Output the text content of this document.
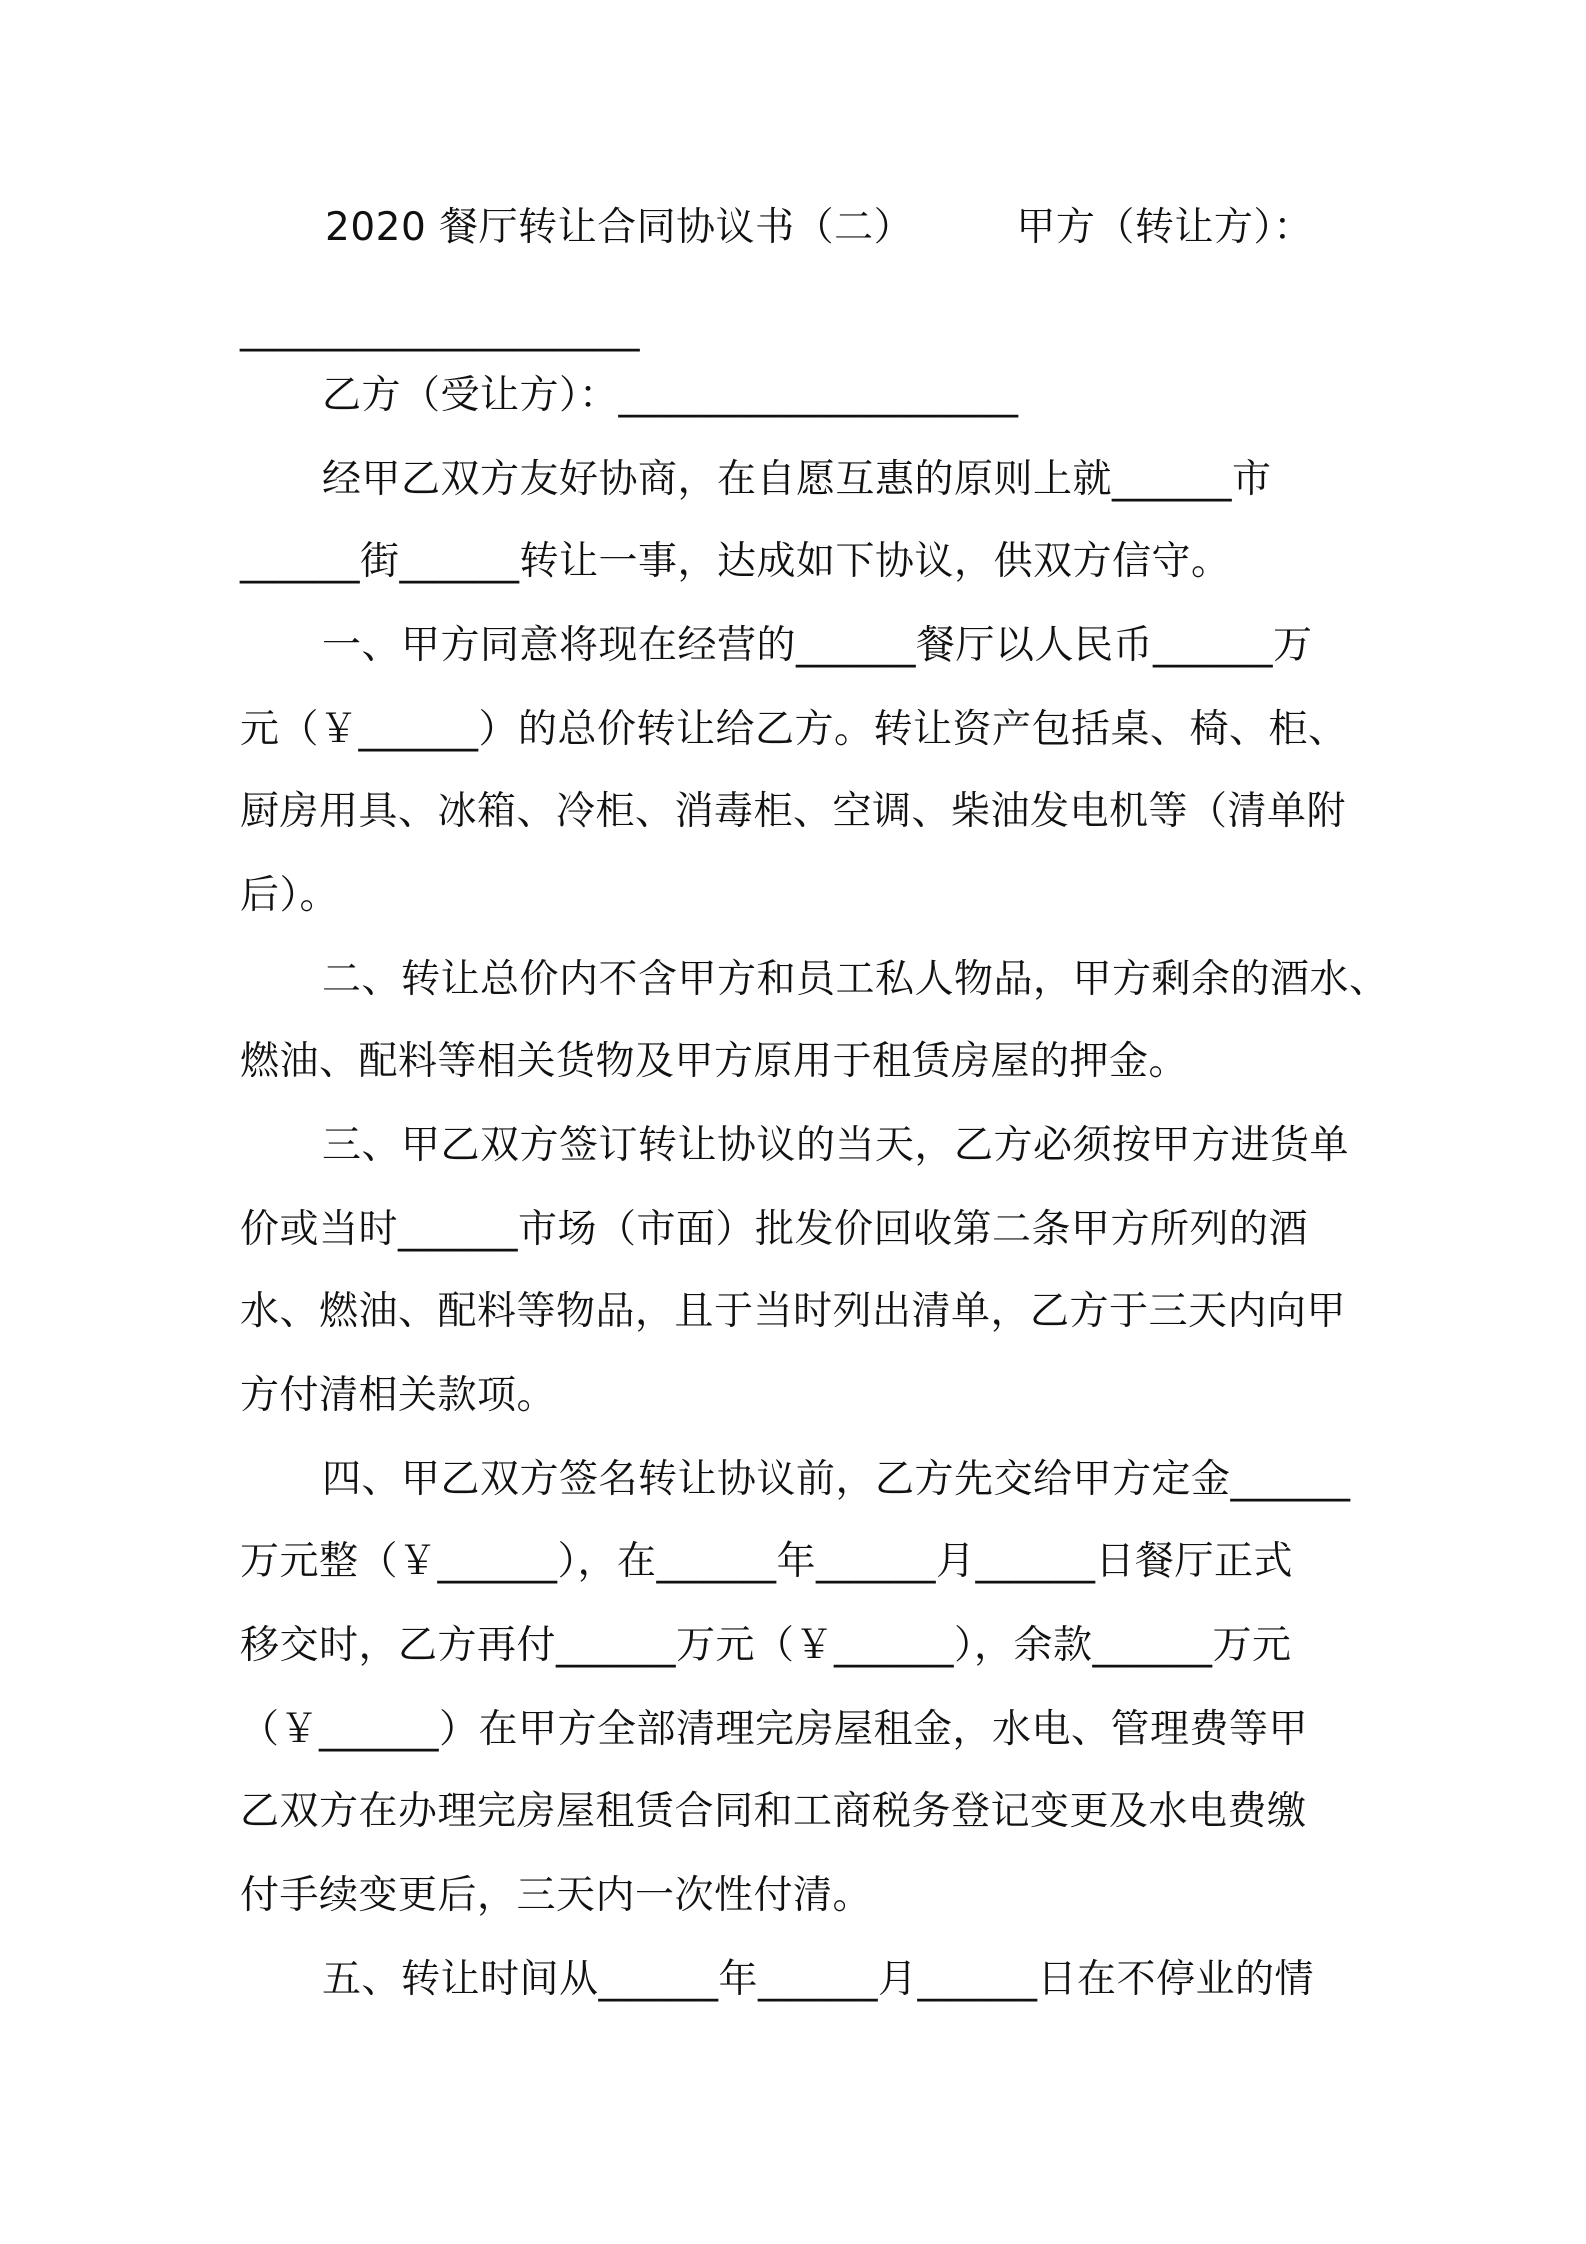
2020 餐厅转让合同协议书（二）        甲方（转让方）：
____________________
乙方（受让方）：____________________
经甲乙双方友好协商，在自愿互惠的原则上就______市
______街______转让一事，达成如下协议，供双方信守。
一、甲方同意将现在经营的______餐厅以人民币______万
元（￥______）的总价转让给乙方。转让资产包括桌、椅、柜、
厨房用具、冰箱、冷柜、消毒柜、空调、柴油发电机等（清单附
后）。
二、转让总价内不含甲方和员工私人物品，甲方剩余的酒水、
燃油、配料等相关货物及甲方原用于租赁房屋的押金。
三、甲乙双方签订转让协议的当天，乙方必须按甲方进货单
价或当时______市场（市面）批发价回收第二条甲方所列的酒
水、燃油、配料等物品，且于当时列出清单，乙方于三天内向甲
方付清相关款项。
四、甲乙双方签名转让协议前，乙方先交给甲方定金______
万元整（￥______），在______年______月______日餐厅正式
移交时，乙方再付______万元（￥______），余款______万元
（￥______）在甲方全部清理完房屋租金，水电、管理费等甲
乙双方在办理完房屋租赁合同和工商税务登记变更及水电费缴
付手续变更后，三天内一次性付清。
五、转让时间从______年______月______日在不停业的情
